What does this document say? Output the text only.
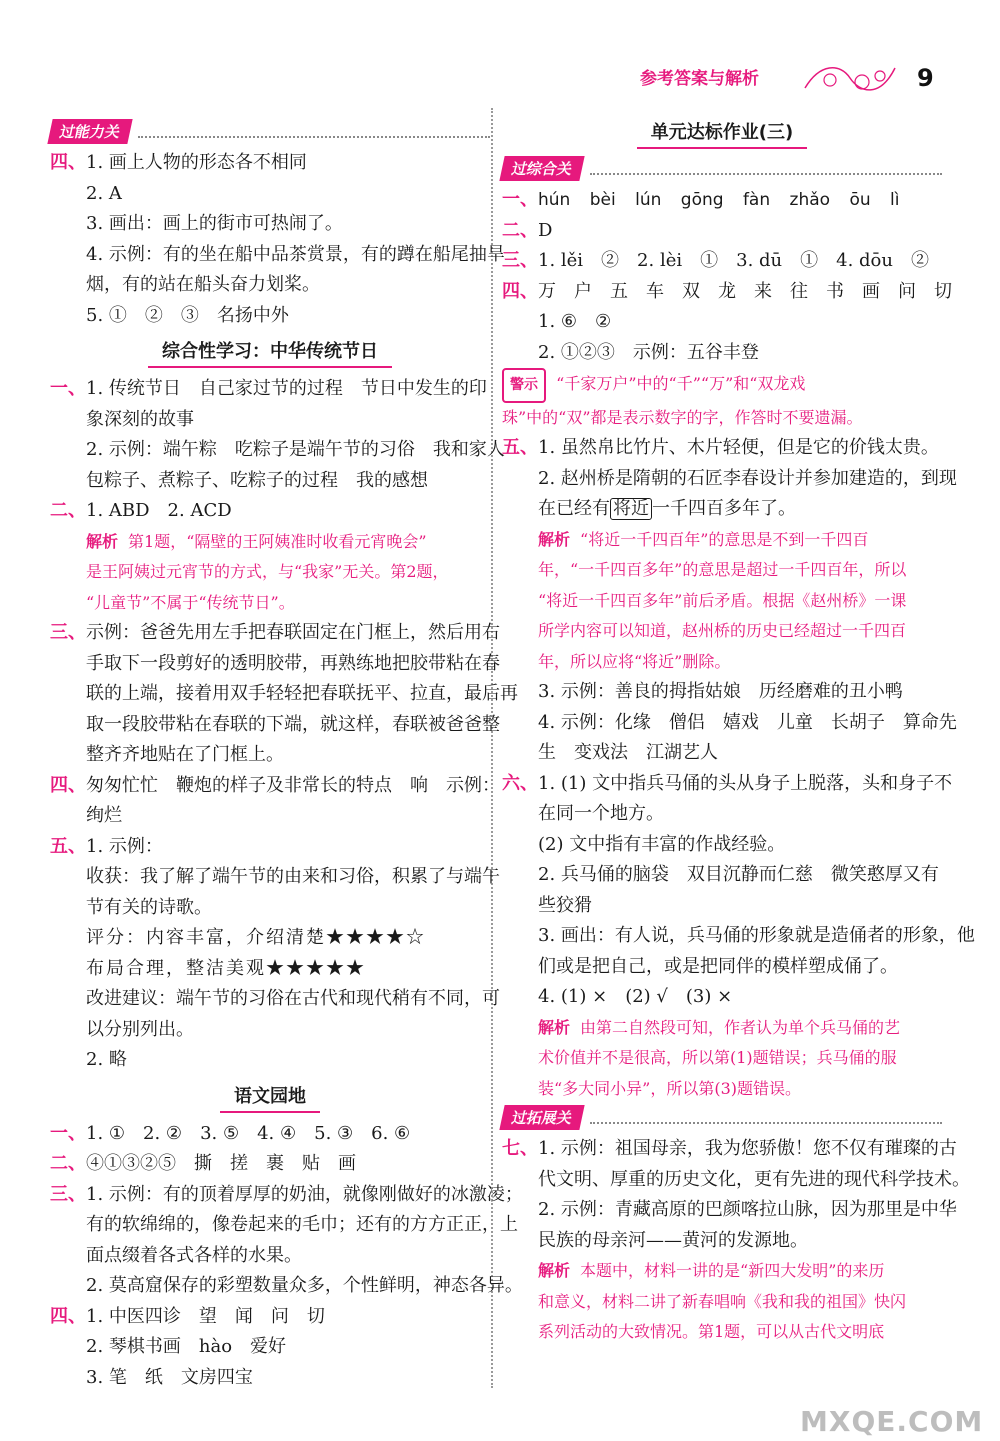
参考答案与解析	9
过能力关
四、1. 画上人物的形态各不相同
2. A
3. 画出：画上的街市可热闹了。
4. 示例：有的坐在船中品茶赏景，有的蹲在船尾抽旱
烟，有的站在船头奋力划桨。
5. ①　②　③　名扬中外
综合性学习：中华传统节日
一、1. 传统节日　自己家过节的过程　节日中发生的印
象深刻的故事
2. 示例：端午粽　吃粽子是端午节的习俗　我和家人
包粽子、煮粽子、吃粽子的过程　我的感想
二、1. ABD　2. ACD
解析 第1题，“隔壁的王阿姨准时收看元宵晚会”
是王阿姨过元宵节的方式，与“我家”无关。第2题，
“儿童节”不属于“传统节日”。
三、示例：爸爸先用左手把春联固定在门框上，然后用右
手取下一段剪好的透明胶带，再熟练地把胶带粘在春
联的上端，接着用双手轻轻把春联抚平、拉直，最后再
取一段胶带粘在春联的下端，就这样，春联被爸爸整
整齐齐地贴在了门框上。
四、匆匆忙忙　鞭炮的样子及非常长的特点　响　示例：
绚烂
五、1. 示例：
收获：我了解了端午节的由来和习俗，积累了与端午
节有关的诗歌。
评分：内容丰富，介绍清楚★★★★☆
布局合理，整洁美观★★★★★
改进建议：端午节的习俗在古代和现代稍有不同，可
以分别列出。
2. 略
语文园地
一、1. ①　2. ②　3. ⑤　4. ④　5. ③　6. ⑥
二、④①③②⑤　撕　搓　裹　贴　画
三、1. 示例：有的顶着厚厚的奶油，就像刚做好的冰激凌；
有的软绵绵的，像卷起来的毛巾；还有的方方正正，上
面点缀着各式各样的水果。
2. 莫高窟保存的彩塑数量众多，个性鲜明，神态各异。
四、1. 中医四诊　望　闻　问　切
2. 琴棋书画　hào　爱好
3. 笔　纸　文房四宝
单元达标作业(三)
过综合关
一、hún bèi lún gōng fàn zhǎo ōu lì
二、D
三、1. lěi　②　2. lèi　①　3. dū　①　4. dōu　②
四、万　户　五　车　双　龙　来　往　书　画　问　切
1. ⑥　②
2. ①②③　示例：五谷丰登
警示 “千家万户”中的“千”“万”和“双龙戏
珠”中的“双”都是表示数字的字，作答时不要遗漏。
五、1. 虽然帛比竹片、木片轻便，但是它的价钱太贵。
2. 赵州桥是隋朝的石匠李春设计并参加建造的，到现
在已经有 将近 一千四百多年了。
解析 “将近一千四百年”的意思是不到一千四百
年，“一千四百多年”的意思是超过一千四百年，所以
“将近一千四百多年”前后矛盾。根据《赵州桥》一课
所学内容可以知道，赵州桥的历史已经超过一千四百
年，所以应将“将近”删除。
3. 示例：善良的拇指姑娘　历经磨难的丑小鸭
4. 示例：化缘　僧侣　嬉戏　儿童　长胡子　算命先
生　变戏法　江湖艺人
六、1. (1) 文中指兵马俑的头从身子上脱落，头和身子不
在同一个地方。
(2) 文中指有丰富的作战经验。
2. 兵马俑的脑袋　双目沉静而仁慈　微笑憨厚又有
些狡猾
3. 画出：有人说，兵马俑的形象就是造俑者的形象，他
们或是把自己，或是把同伴的模样塑成俑了。
4. (1) ×　(2) √　(3) ×
解析 由第二自然段可知，作者认为单个兵马俑的艺
术价值并不是很高，所以第(1)题错误；兵马俑的服
装“多大同小异”，所以第(3)题错误。
过拓展关
七、1. 示例：祖国母亲，我为您骄傲！您不仅有璀璨的古
代文明、厚重的历史文化，更有先进的现代科学技术。
2. 示例：青藏高原的巴颜喀拉山脉，因为那里是中华
民族的母亲河——黄河的发源地。
解析 本题中，材料一讲的是“新四大发明”的来历
和意义，材料二讲了新春唱响《我和我的祖国》快闪
系列活动的大致情况。第1题，可以从古代文明底
MXQE.COM
